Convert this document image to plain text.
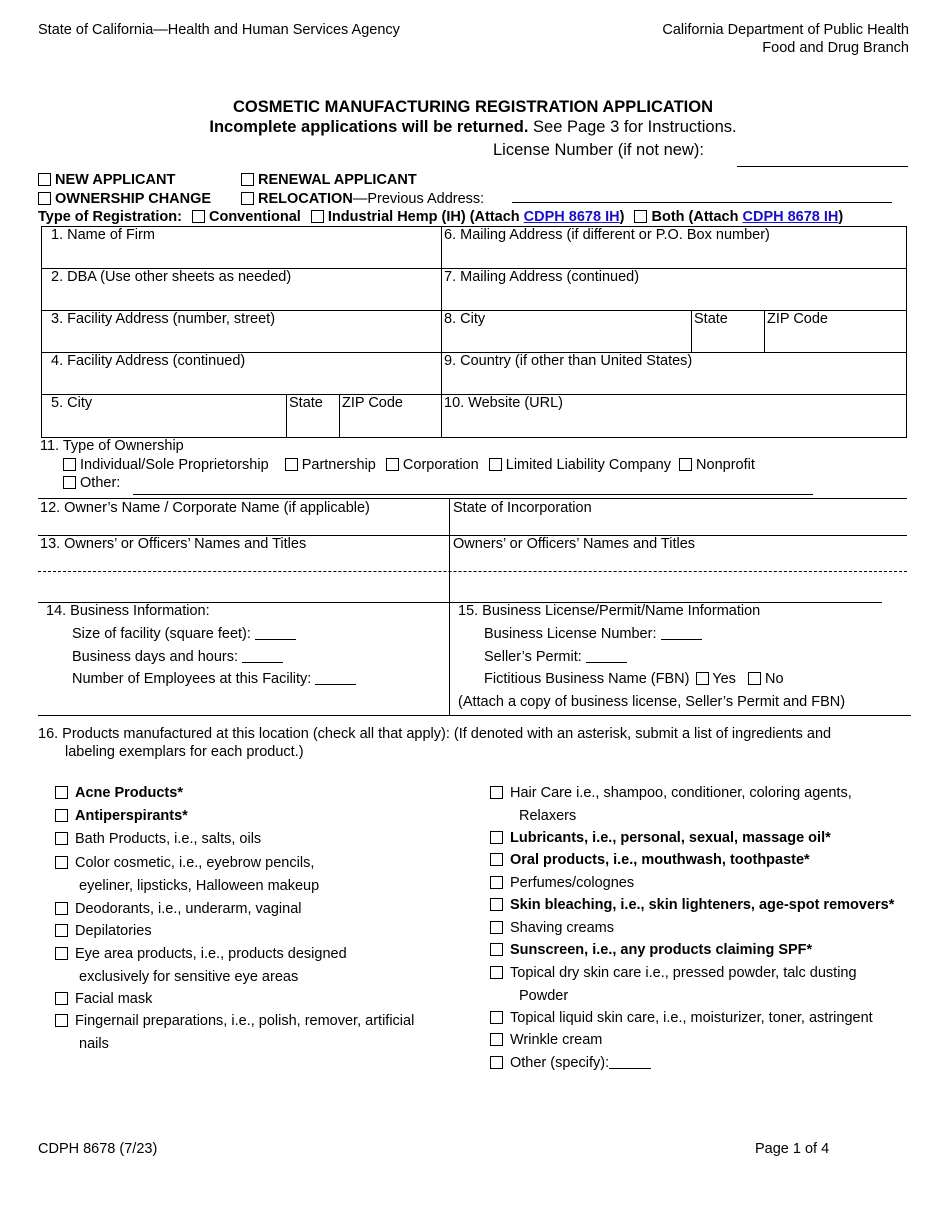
State of California—Health and Human Services Agency	California Department of Public Health
Food and Drug Branch
COSMETIC MANUFACTURING REGISTRATION APPLICATION
Incomplete applications will be returned. See Page 3 for Instructions.
License Number (if not new):
NEW APPLICANT	RENEWAL APPLICANT
OWNERSHIP CHANGE	RELOCATION—Previous Address:
Type of Registration: Conventional Industrial Hemp (IH) (Attach CDPH 8678 IH) Both (Attach CDPH 8678 IH)
1. Name of Firm
2. DBA (Use other sheets as needed)
3. Facility Address (number, street)
4. Facility Address (continued)
5. City	State ZIP Code
6. Mailing Address (if different or P.O. Box number)
7. Mailing Address (continued)
8. City	State	ZIP Code
9. Country (if other than United States)
10. Website (URL)
11. Type of Ownership
Individual/Sole Proprietorship Partnership Corporation Limited Liability Company Nonprofit
Other:
12. Owner’s Name / Corporate Name (if applicable)	State of Incorporation
13. Owners’ or Officers’ Names and Titles	Owners’ or Officers’ Names and Titles
14. Business Information:
Size of facility (square feet):
Business days and hours:
Number of Employees at this Facility:
15. Business License/Permit/Name Information
Business License Number:
Seller’s Permit:
Fictitious Business Name (FBN) Yes No
(Attach a copy of business license, Seller’s Permit and FBN)
16. Products manufactured at this location (check all that apply): (If denoted with an asterisk, submit a list of ingredients and
labeling exemplars for each product.)
Acne Products*
Antiperspirants*
Bath Products, i.e., salts, oils
Color cosmetic, i.e., eyebrow pencils,
eyeliner, lipsticks, Halloween makeup
Deodorants, i.e., underarm, vaginal
Depilatories
Eye area products, i.e., products designed
exclusively for sensitive eye areas
Facial mask
Fingernail preparations, i.e., polish, remover, artificial
nails
Hair Care i.e., shampoo, conditioner, coloring agents,
Relaxers
Lubricants, i.e., personal, sexual, massage oil*
Oral products, i.e., mouthwash, toothpaste*
Perfumes/colognes
Skin bleaching, i.e., skin lighteners, age-spot removers*
Shaving creams
Sunscreen, i.e., any products claiming SPF*
Topical dry skin care i.e., pressed powder, talc dusting
Powder
Topical liquid skin care, i.e., moisturizer, toner, astringent
Wrinkle cream
Other (specify):
CDPH 8678 (7/23)	Page 1 of 4
